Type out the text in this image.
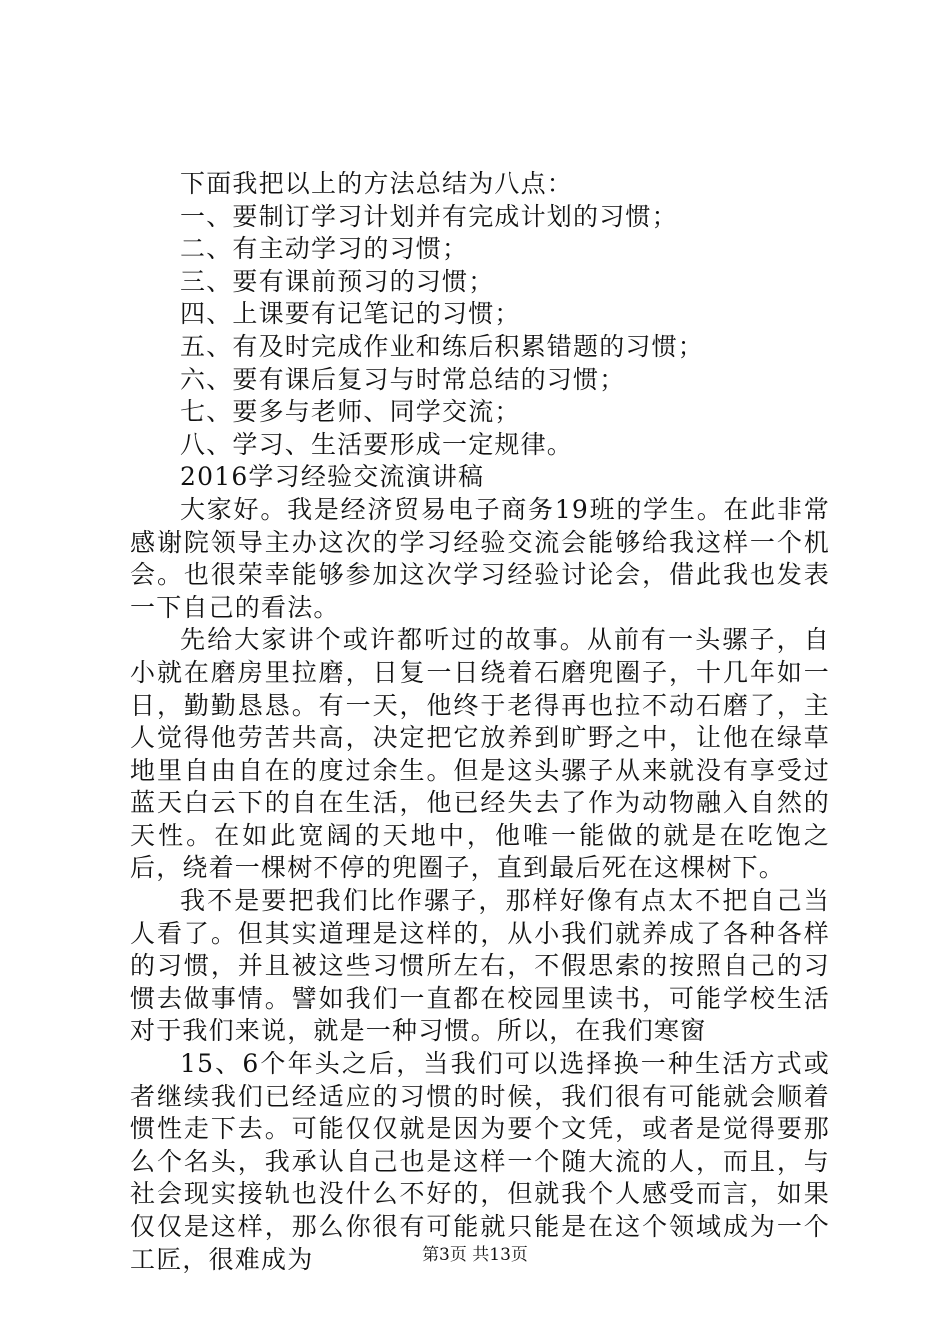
下面我把以上的方法总结为八点：
一、要制订学习计划并有完成计划的习惯；
二、有主动学习的习惯；
三、要有课前预习的习惯；
四、上课要有记笔记的习惯；
五、有及时完成作业和练后积累错题的习惯；
六、要有课后复习与时常总结的习惯；
七、要多与老师、同学交流；
八、学习、生活要形成一定规律。
2016学习经验交流演讲稿

大家好。我是经济贸易电子商务19班的学生。在此非常感谢院领导主办这次的学习经验交流会能够给我这样一个机会。也很荣幸能够参加这次学习经验讨论会，借此我也发表一下自己的看法。

先给大家讲个或许都听过的故事。从前有一头骡子，自小就在磨房里拉磨，日复一日绕着石磨兜圈子，十几年如一日，勤勤恳恳。有一天，他终于老得再也拉不动石磨了，主人觉得他劳苦共高，决定把它放养到旷野之中，让他在绿草地里自由自在的度过余生。但是这头骡子从来就没有享受过蓝天白云下的自在生活，他已经失去了作为动物融入自然的天性。在如此宽阔的天地中，他唯一能做的就是在吃饱之后，绕着一棵树不停的兜圈子，直到最后死在这棵树下。

我不是要把我们比作骡子，那样好像有点太不把自己当人看了。但其实道理是这样的，从小我们就养成了各种各样的习惯，并且被这些习惯所左右，不假思索的按照自己的习惯去做事情。譬如我们一直都在校园里读书，可能学校生活对于我们来说，就是一种习惯。所以，在我们寒窗

15、6个年头之后，当我们可以选择换一种生活方式或者继续我们已经适应的习惯的时候，我们很有可能就会顺着惯性走下去。可能仅仅就是因为要个文凭，或者是觉得要那么个名头，我承认自己也是这样一个随大流的人，而且，与社会现实接轨也没什么不好的，但就我个人感受而言，如果仅仅是这样，那么你很有可能就只能是在这个领域成为一个工匠，很难成为	第3页 共13页
